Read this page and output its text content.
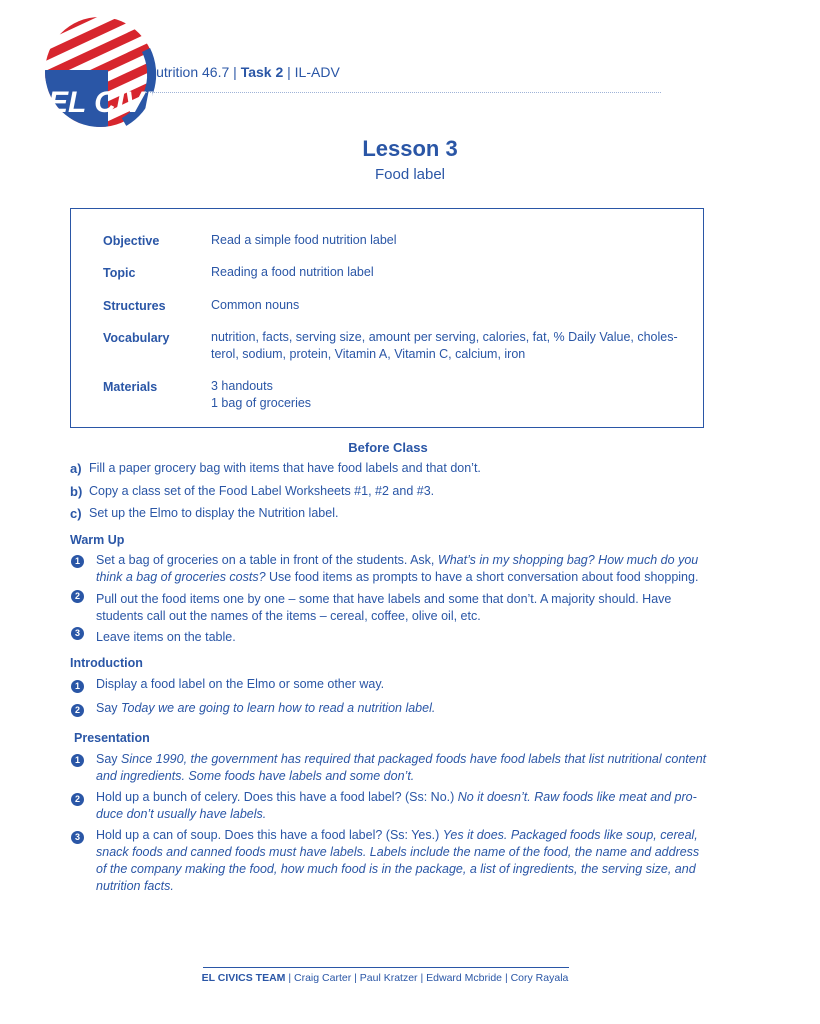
EL CIVICS
Nutrition 46.7 | Task 2 | IL-ADV
Lesson 3
Food label
Objective	Read a simple food nutrition label
Topic	Reading a food nutrition label
Structures	Common nouns
Vocabulary	nutrition, facts, serving size, amount per serving, calories, fat, % Daily Value, choles-
terol, sodium, protein, Vitamin A, Vitamin C, calcium, iron
Materials	3 handouts
1 bag of groceries
Before Class
a) Fill a paper grocery bag with items that have food labels and that don’t.
b) Copy a class set of the Food Label Worksheets #1, #2 and #3.
c) Set up the Elmo to display the Nutrition label.
Warm Up
1	Set a bag of groceries on a table in front of the students. Ask, What’s in my shopping bag? How much do you
think a bag of groceries costs? Use food items as prompts to have a short conversation about food shopping.
2	Pull out the food items one by one – some that have labels and some that don’t. A majority should. Have
students call out the names of the items – cereal, coffee, olive oil, etc.
3	Leave items on the table.
Introduction
1	Display a food label on the Elmo or some other way.
2	Say Today we are going to learn how to read a nutrition label.
Presentation
1	Say Since 1990, the government has required that packaged foods have food labels that list nutritional content
and ingredients. Some foods have labels and some don’t.
2	Hold up a bunch of celery. Does this have a food label? (Ss: No.) No it doesn’t. Raw foods like meat and pro-
duce don’t usually have labels.
3	Hold up a can of soup. Does this have a food label? (Ss: Yes.) Yes it does. Packaged foods like soup, cereal,
snack foods and canned foods must have labels. Labels include the name of the food, the name and address
of the company making the food, how much food is in the package, a list of ingredients, the serving size, and
nutrition facts.
EL CIVICS TEAM | Craig Carter | Paul Kratzer | Edward Mcbride | Cory Rayala
